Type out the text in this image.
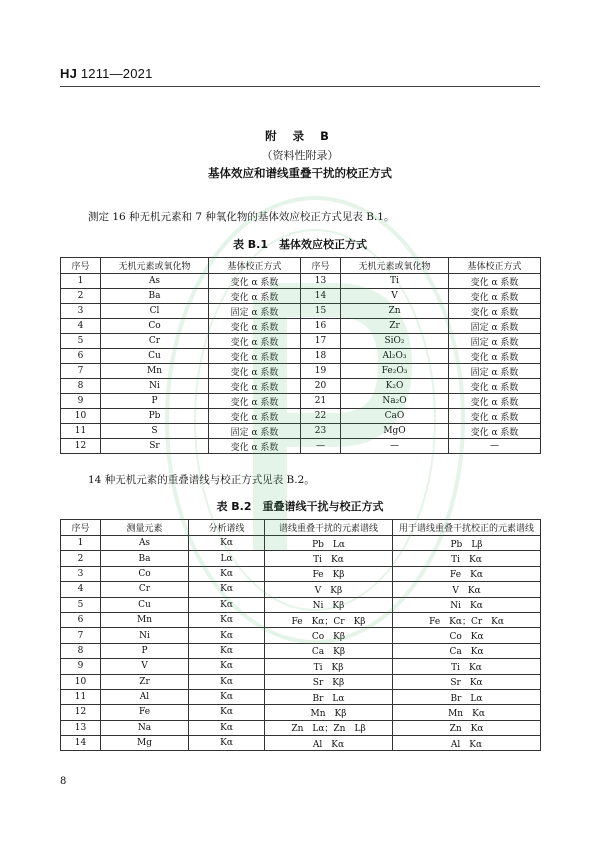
HJ 1211—2021
附 录 B
（资料性附录）
基体效应和谱线重叠干扰的校正方式
测定 16 种无机元素和 7 种氧化物的基体效应校正方式见表 B.1。
表 B.1　基体效应校正方式
序号	无机元素或氧化物	基体校正方式	序号	无机元素或氧化物	基体校正方式
1	As	变化 α 系数	13	Ti	变化 α 系数
2	Ba	变化 α 系数	14	V	变化 α 系数
3	Cl	固定 α 系数	15	Zn	变化 α 系数
4	Co	变化 α 系数	16	Zr	固定 α 系数
5	Cr	变化 α 系数	17	SiO₂	固定 α 系数
6	Cu	变化 α 系数	18	Al₂O₃	变化 α 系数
7	Mn	变化 α 系数	19	Fe₂O₃	固定 α 系数
8	Ni	变化 α 系数	20	K₂O	变化 α 系数
9	P	变化 α 系数	21	Na₂O	变化 α 系数
10	Pb	变化 α 系数	22	CaO	变化 α 系数
11	S	固定 α 系数	23	MgO	变化 α 系数
12	Sr	变化 α 系数	—	—	—
14 种无机元素的重叠谱线与校正方式见表 B.2。
表 B.2　重叠谱线干扰与校正方式
序号	测量元素	分析谱线	谱线重叠干扰的元素谱线	用于谱线重叠干扰校正的元素谱线
1	As	Kα	Pb　Lα	Pb　Lβ
2	Ba	Lα	Ti　Kα	Ti　Kα
3	Co	Kα	Fe　Kβ	Fe　Kα
4	Cr	Kα	V　Kβ	V　Kα
5	Cu	Kα	Ni　Kβ	Ni　Kα
6	Mn	Kα	Fe　Kα；Cr　Kβ	Fe　Kα；Cr　Kα
7	Ni	Kα	Co　Kβ	Co　Kα
8	P	Kα	Ca　Kβ	Ca　Kα
9	V	Kα	Ti　Kβ	Ti　Kα
10	Zr	Kα	Sr　Kβ	Sr　Kα
11	Al	Kα	Br　Lα	Br　Lα
12	Fe	Kα	Mn　Kβ	Mn　Kα
13	Na	Kα	Zn　Lα；Zn　Lβ	Zn　Kα
14	Mg	Kα	Al　Kα	Al　Kα
8
